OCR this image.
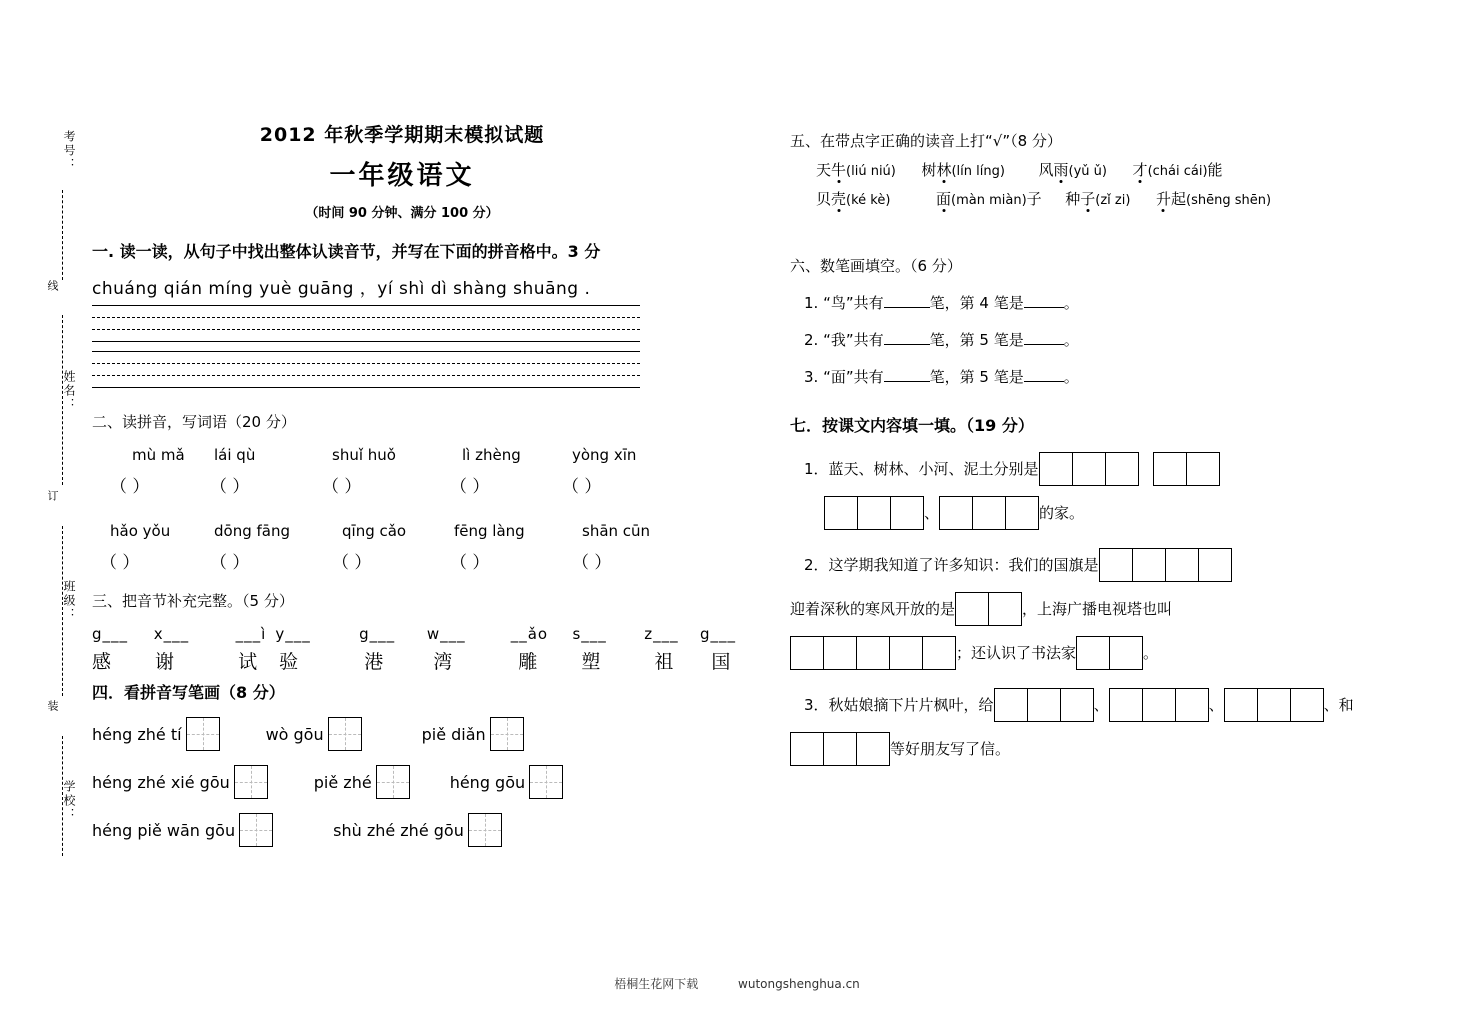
线
订
装
考号：
姓名：
班级：
学校：
2012 年秋季学期期末模拟试题
一年级语文
（时间 90 分钟、满分 100 分）
一. 读一读，从句子中找出整体认读音节，并写在下面的拼音格中。3 分
chuáng qián míng yuè guāng ，yí shì dì shàng shuāng .
二、读拼音，写词语（20 分）
mù mǎ lái qù	shuǐ huǒ	lì zhèng	yòng xīn
（ ）	（ ）	（ ）	（ ）	（ ）
hǎo yǒu	dōng fāng	qīng cǎo	fēng làng	shān cūn
（ ）	（ ）	（ ）	（ ）	（ ）
三、把音节补充完整。（5 分）
g___ x___	___ì y___	g___ w___	__ǎo s___ z___ g___
感 谢	试 验	港	湾	雕 塑	祖 国
四．看拼音写笔画（8 分）
héng zhé tí	wò gōu	piě diǎn
héng zhé xié gōu	piě zhé	héng gōu
héng piě wān gōu	shù zhé zhé gōu
五、在带点字正确的读音上打“√”（8 分）
天牛(liú niú) 树林(lín líng) 风雨(yǔ ǔ) 才(chái cái)能
贝壳(ké kè)	面(màn miàn)子 种子(zǐ zi) 升起(shēng shēn)
六、数笔画填空。（6 分）
1. “鸟”共有	笔，第 4 笔是	。
2. “我”共有	笔，第 5 笔是	。
3. “面”共有	笔，第 5 笔是	。
七．按课文内容填一填。（19 分）
1． 蓝天、树林、小河、泥土分别是
、	的家。
2． 这学期我知道了许多知识：我们的国旗是
迎着深秋的寒风开放的是	，上海广播电视塔也叫
；还认识了书法家	。
3． 秋姑娘摘下片片枫叶，给	、	、	、和
等好朋友写了信。
梧桐生花网下载	wutongshenghua.cn
